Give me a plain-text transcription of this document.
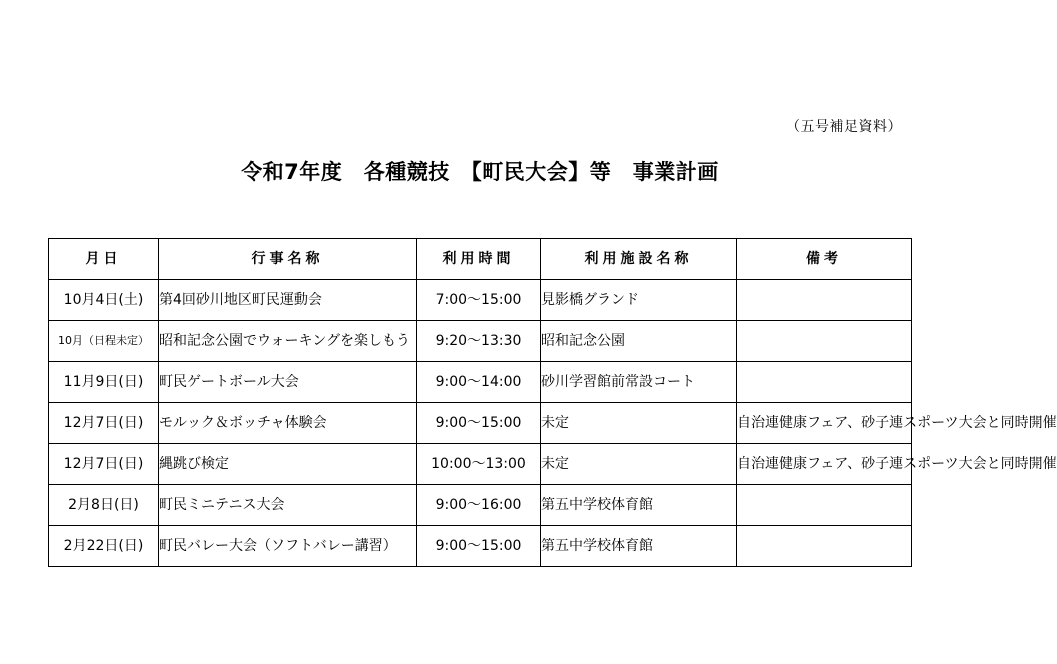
（五号補足資料）
令和7年度　各種競技　【町民大会】等　事業計画
月日	行事名称	利用時間	利用施設名称	備考
10月4日(土)	第4回砂川地区町民運動会	7:00～15:00	見影橋グランド	
10月（日程未定）	昭和記念公園でウォーキングを楽しもう	9:20～13:30	昭和記念公園	
11月9日(日)	町民ゲートボール大会	9:00～14:00	砂川学習館前常設コート	
12月7日(日)	モルック＆ボッチャ体験会	9:00～15:00	未定	自治連健康フェア、砂子連スポーツ大会と同時開催
12月7日(日)	縄跳び検定	10:00～13:00	未定	自治連健康フェア、砂子連スポーツ大会と同時開催
2月8日(日)	町民ミニテニス大会	9:00～16:00	第五中学校体育館	
2月22日(日)	町民バレー大会（ソフトバレー講習）	9:00～15:00	第五中学校体育館	
